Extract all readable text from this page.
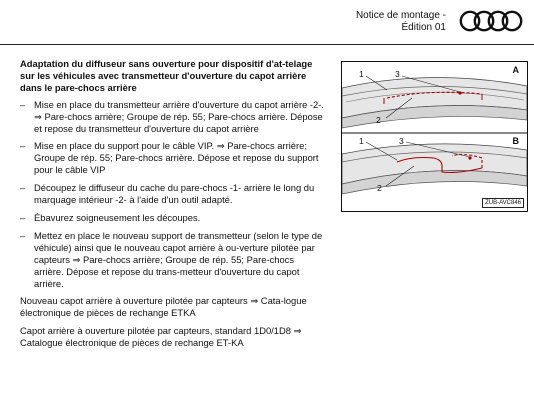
Notice de montage -
Édition 01

Adaptation du diffuseur sans ouverture pour dispositif d'at-telage sur les véhicules avec transmetteur d'ouverture du capot arrière dans le pare-chocs arrière

– Mise en place du transmetteur arrière d'ouverture du capot arrière -2-. ⇒ Pare-chocs arrière; Groupe de rép. 55; Pare-chocs arrière. Dépose et repose du transmetteur d'ouverture du capot arrière
– Mise en place du support pour le câble VIP. ⇒ Pare-chocs arrière; Groupe de rép. 55; Pare-chocs arrière. Dépose et repose du support pour le câble VIP
– Découpez le diffuseur du cache du pare-chocs -1- arrière le long du marquage intérieur -2- à l'aide d'un outil adapté.
– Ébavurez soigneusement les découpes.
– Mettez en place le nouveau support de transmetteur (selon le type de véhicule) ainsi que le nouveau capot arrière à ou-verture pilotée par capteurs ⇒ Pare-chocs arrière; Groupe de rép. 55; Pare-chocs arrière. Dépose et repose du trans-metteur d'ouverture du capot arrière.

Nouveau capot arrière à ouverture pilotée par capteurs ⇒ Cata-logue électronique de pièces de rechange ETKA

Capot arrière à ouverture pilotée par capteurs, standard 1D0/1D8 ⇒ Catalogue électronique de pièces de rechange ET-KA

A
B
1	3
2
1	3
2
ZUB-AVC846
